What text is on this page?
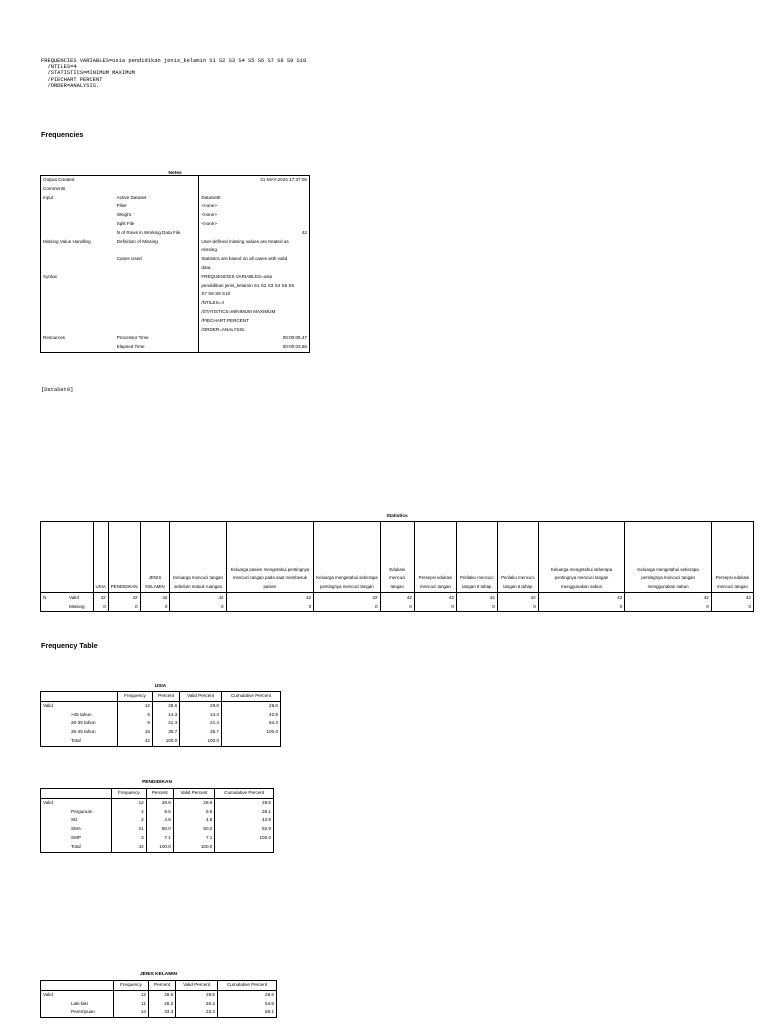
FREQUENCIES VARIABLES=usia pendidikan jenis_kelamin S1 S2 S3 S4 S5 S6 S7 S8 S9 S10
/NTILES=4
/STATISTICS=MINIMUM MAXIMUM
/PIECHART PERCENT
/ORDER=ANALYSIS.
Frequencies
Notes
Output Created		21-MAY-2024 17:37:06
Comments		
Input	Active Dataset	DataSet0
	Filter	<none>
	Weight	<none>
	Split File	<none>
	N of Rows in Working Data File	42
Missing Value Handling	Definition of Missing	User-defined missing values are treated as
		missing.
	Cases Used	Statistics are based on all cases with valid
		data.
Syntax		FREQUENCIES VARIABLES=usia
		pendidikan jenis_kelamin S1 S2 S3 S4 S5 S6
		S7 S8 S9 S10
		/NTILES=4
		/STATISTICS=MINIMUM MAXIMUM
		/PIECHART PERCENT
		/ORDER=ANALYSIS.
Resources	Processor Time	00:00:05,47
	Elapsed Time	00:00:03,86
[DataSet0]
Statistics
		USIA	PENDIDIKAN	JENIS KELAMIN	Keluarga mencuci tangan sebelum masuk ruangan	Keluarga pasien mengetahui pentingnya mencuci tangan pada saat membesuk pasien	Keluarga mengetahui seberapa pentingnya mencuci tangan	Edukasi mencuci tangan	Persepsi edukasi mencuci tangan	Perilaku mencuci tangan 6 tahap	Perilaku mencuci tangan 6 tahap	Keluarga mengetahui seberapa pentingnya mencuci tangan menggunakan sabun	Keluarga mengetahui seberapa pentingnya mencuci tangan menggunakan sabun	Persepsi edukasi mencuci tangan
N	Valid	42	42	42	42	42	42	42	42	42	42	42	42	42
	Missing	0	0	0	0	0	0	0	0	0	0	0	0	0
Frequency Table
USIA
		Frequency	Percent	Valid Percent	Cumulative Percent
Valid		12	28.6	28.6	28.6
	>45 tahun	6	14.3	14.3	42.9
	26-35 tahun	9	21.4	21.4	64.3
	36-45 tahun	15	35.7	35.7	100.0
	Total	42	100.0	100.0	
PENDIDIKAN
		Frequency	Percent	Valid Percent	Cumulative Percent
Valid		12	28.6	28.6	28.6
	Perguruan	4	9.5	9.5	38.1
	SD	2	4.8	4.8	42.9
	SMA	21	50.0	50.0	92.9
	SMP	3	7.1	7.1	100.0
	Total	42	100.0	100.0	
JENIS KELAMIN
		Frequency	Percent	Valid Percent	Cumulative Percent
Valid		12	28.6	28.6	28.6
	Laki-laki	11	26.2	26.2	54.8
	Perempuan	14	33.3	33.3	88.1
